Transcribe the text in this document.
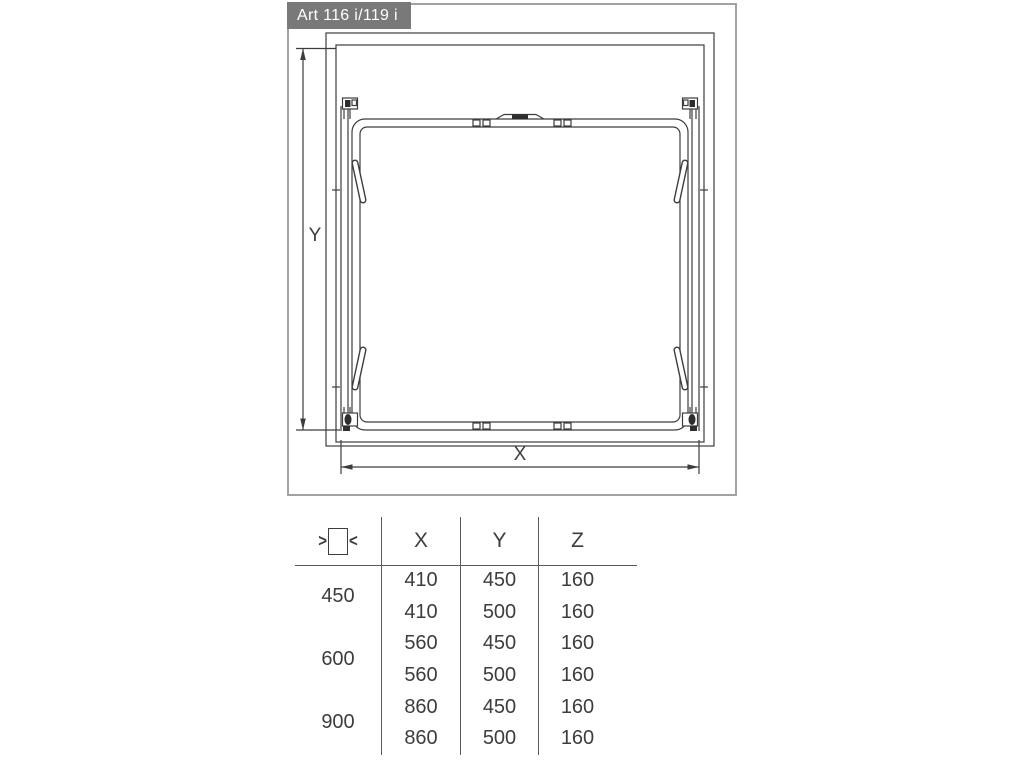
Art 116 i/119 i
Y
X
> <	X	Y	Z
450
410	450	160
410	500	160
600
560	450	160
560	500	160
900
860	450	160
860	500	160
